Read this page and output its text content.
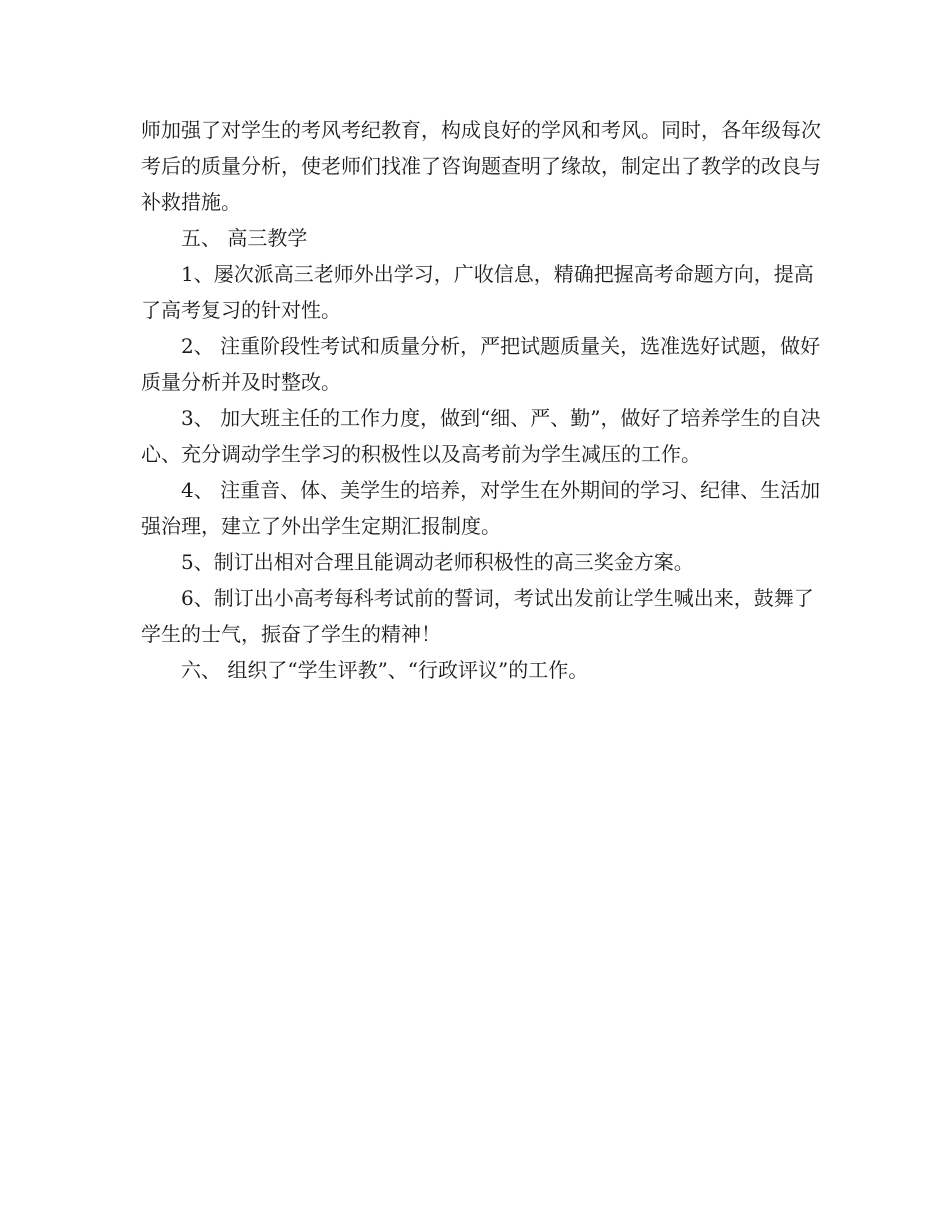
师加强了对学生的考风考纪教育，构成良好的学风和考风。同时，各年级每次考后的质量分析，使老师们找准了咨询题查明了缘故，制定出了教学的改良与补救措施。

五、 高三教学

1、屡次派高三老师外出学习，广收信息，精确把握高考命题方向，提高了高考复习的针对性。

2、 注重阶段性考试和质量分析，严把试题质量关，选准选好试题，做好质量分析并及时整改。

3、 加大班主任的工作力度，做到“细、严、勤”，做好了培养学生的自决心、充分调动学生学习的积极性以及高考前为学生减压的工作。

4、 注重音、体、美学生的培养，对学生在外期间的学习、纪律、生活加强治理，建立了外出学生定期汇报制度。

5、制订出相对合理且能调动老师积极性的高三奖金方案。

6、制订出小高考每科考试前的誓词，考试出发前让学生喊出来，鼓舞了学生的士气，振奋了学生的精神！

六、 组织了“学生评教”、“行政评议”的工作。
